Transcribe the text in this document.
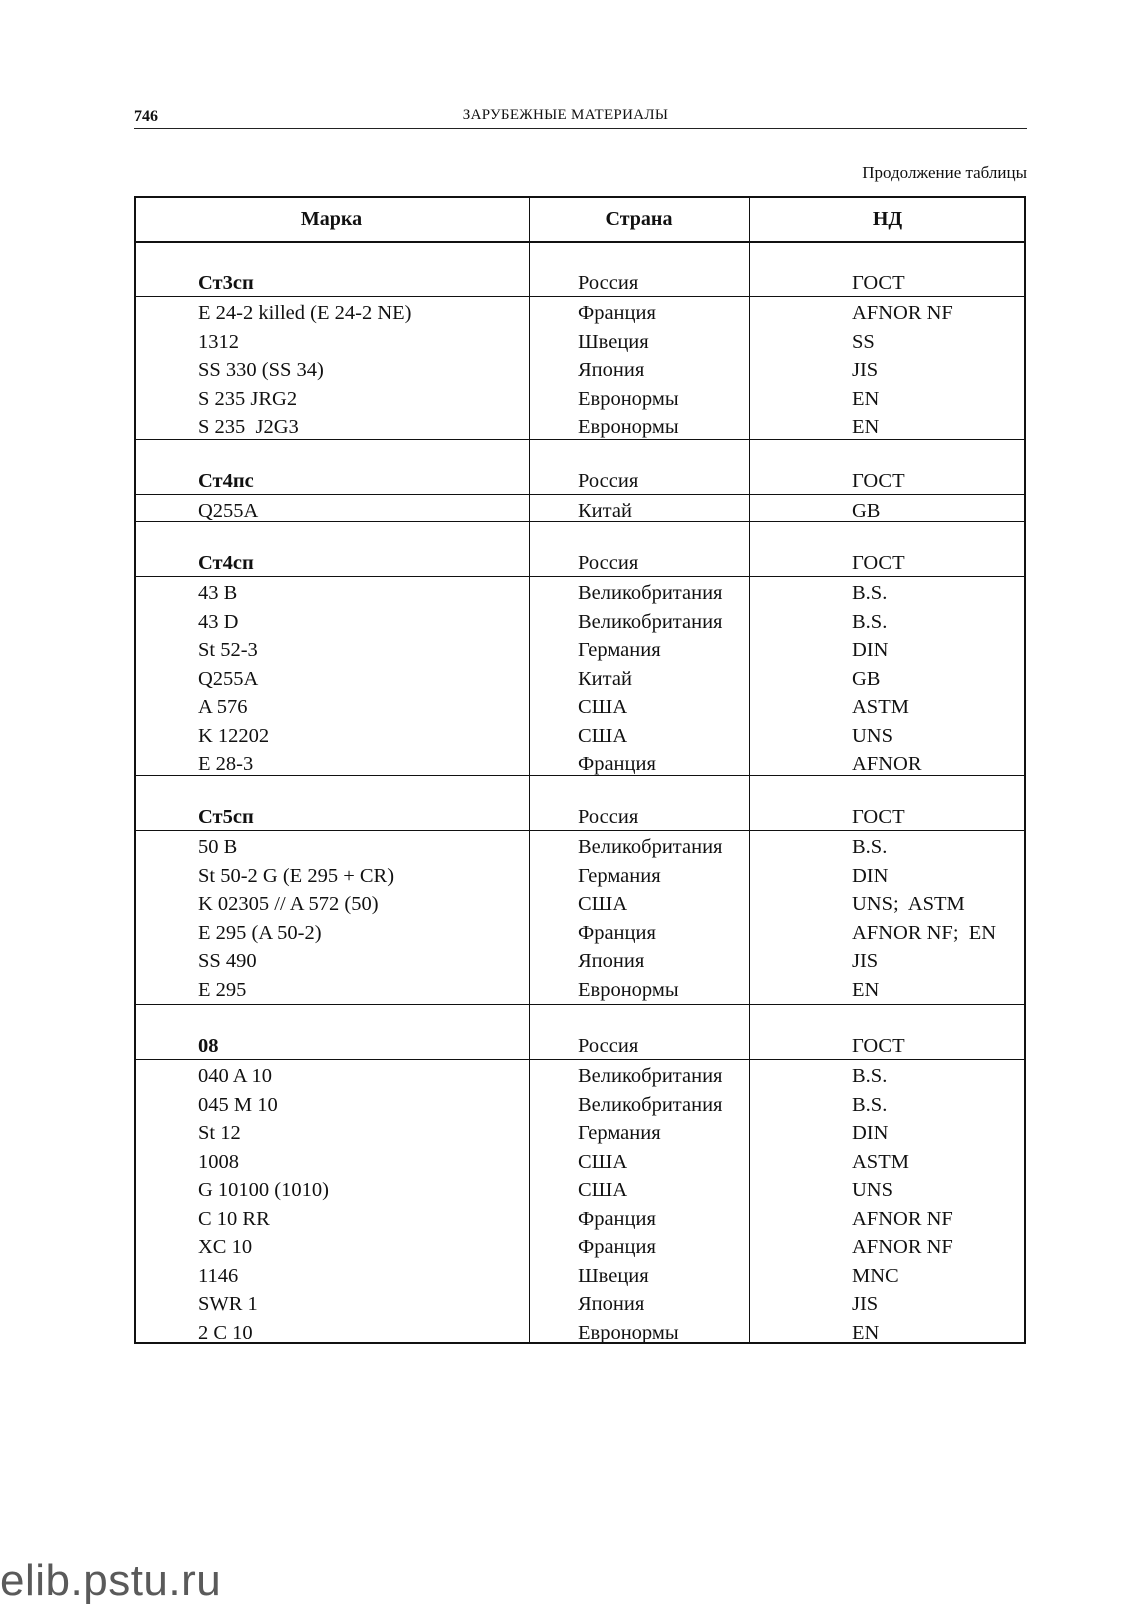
746	ЗАРУБЕЖНЫЕ МАТЕРИАЛЫ
Продолжение таблицы
Марка	Страна	НД
Ст3сп	Россия	ГОСТ
E 24-2 killed (E 24-2 NE)	Франция	AFNOR NF
1312	Швеция	SS
SS 330 (SS 34)	Япония	JIS
S 235 JRG2	Евронормы	EN
S 235  J2G3	Евронормы	EN
Ст4пс	Россия	ГОСТ
Q255A	Китай	GB
Ст4сп	Россия	ГОСТ
43 B	Великобритания	B.S.
43 D	Великобритания	B.S.
St 52-3	Германия	DIN
Q255A	Китай	GB
A 576	США	ASTM
K 12202	США	UNS
E 28-3	Франция	AFNOR
Ст5сп	Россия	ГОСТ
50 B	Великобритания	B.S.
St 50-2 G (E 295 + CR)	Германия	DIN
K 02305 // A 572 (50)	США	UNS;  ASTM
E 295 (A 50-2)	Франция	AFNOR NF;  EN
SS 490	Япония	JIS
E 295	Евронормы	EN
08	Россия	ГОСТ
040 A 10	Великобритания	B.S.
045 M 10	Великобритания	B.S.
St 12	Германия	DIN
1008	США	ASTM
G 10100 (1010)	США	UNS
C 10 RR	Франция	AFNOR NF
XC 10	Франция	AFNOR NF
1146	Швеция	MNC
SWR 1	Япония	JIS
2 C 10	Евронормы	EN
elib.pstu.ru
